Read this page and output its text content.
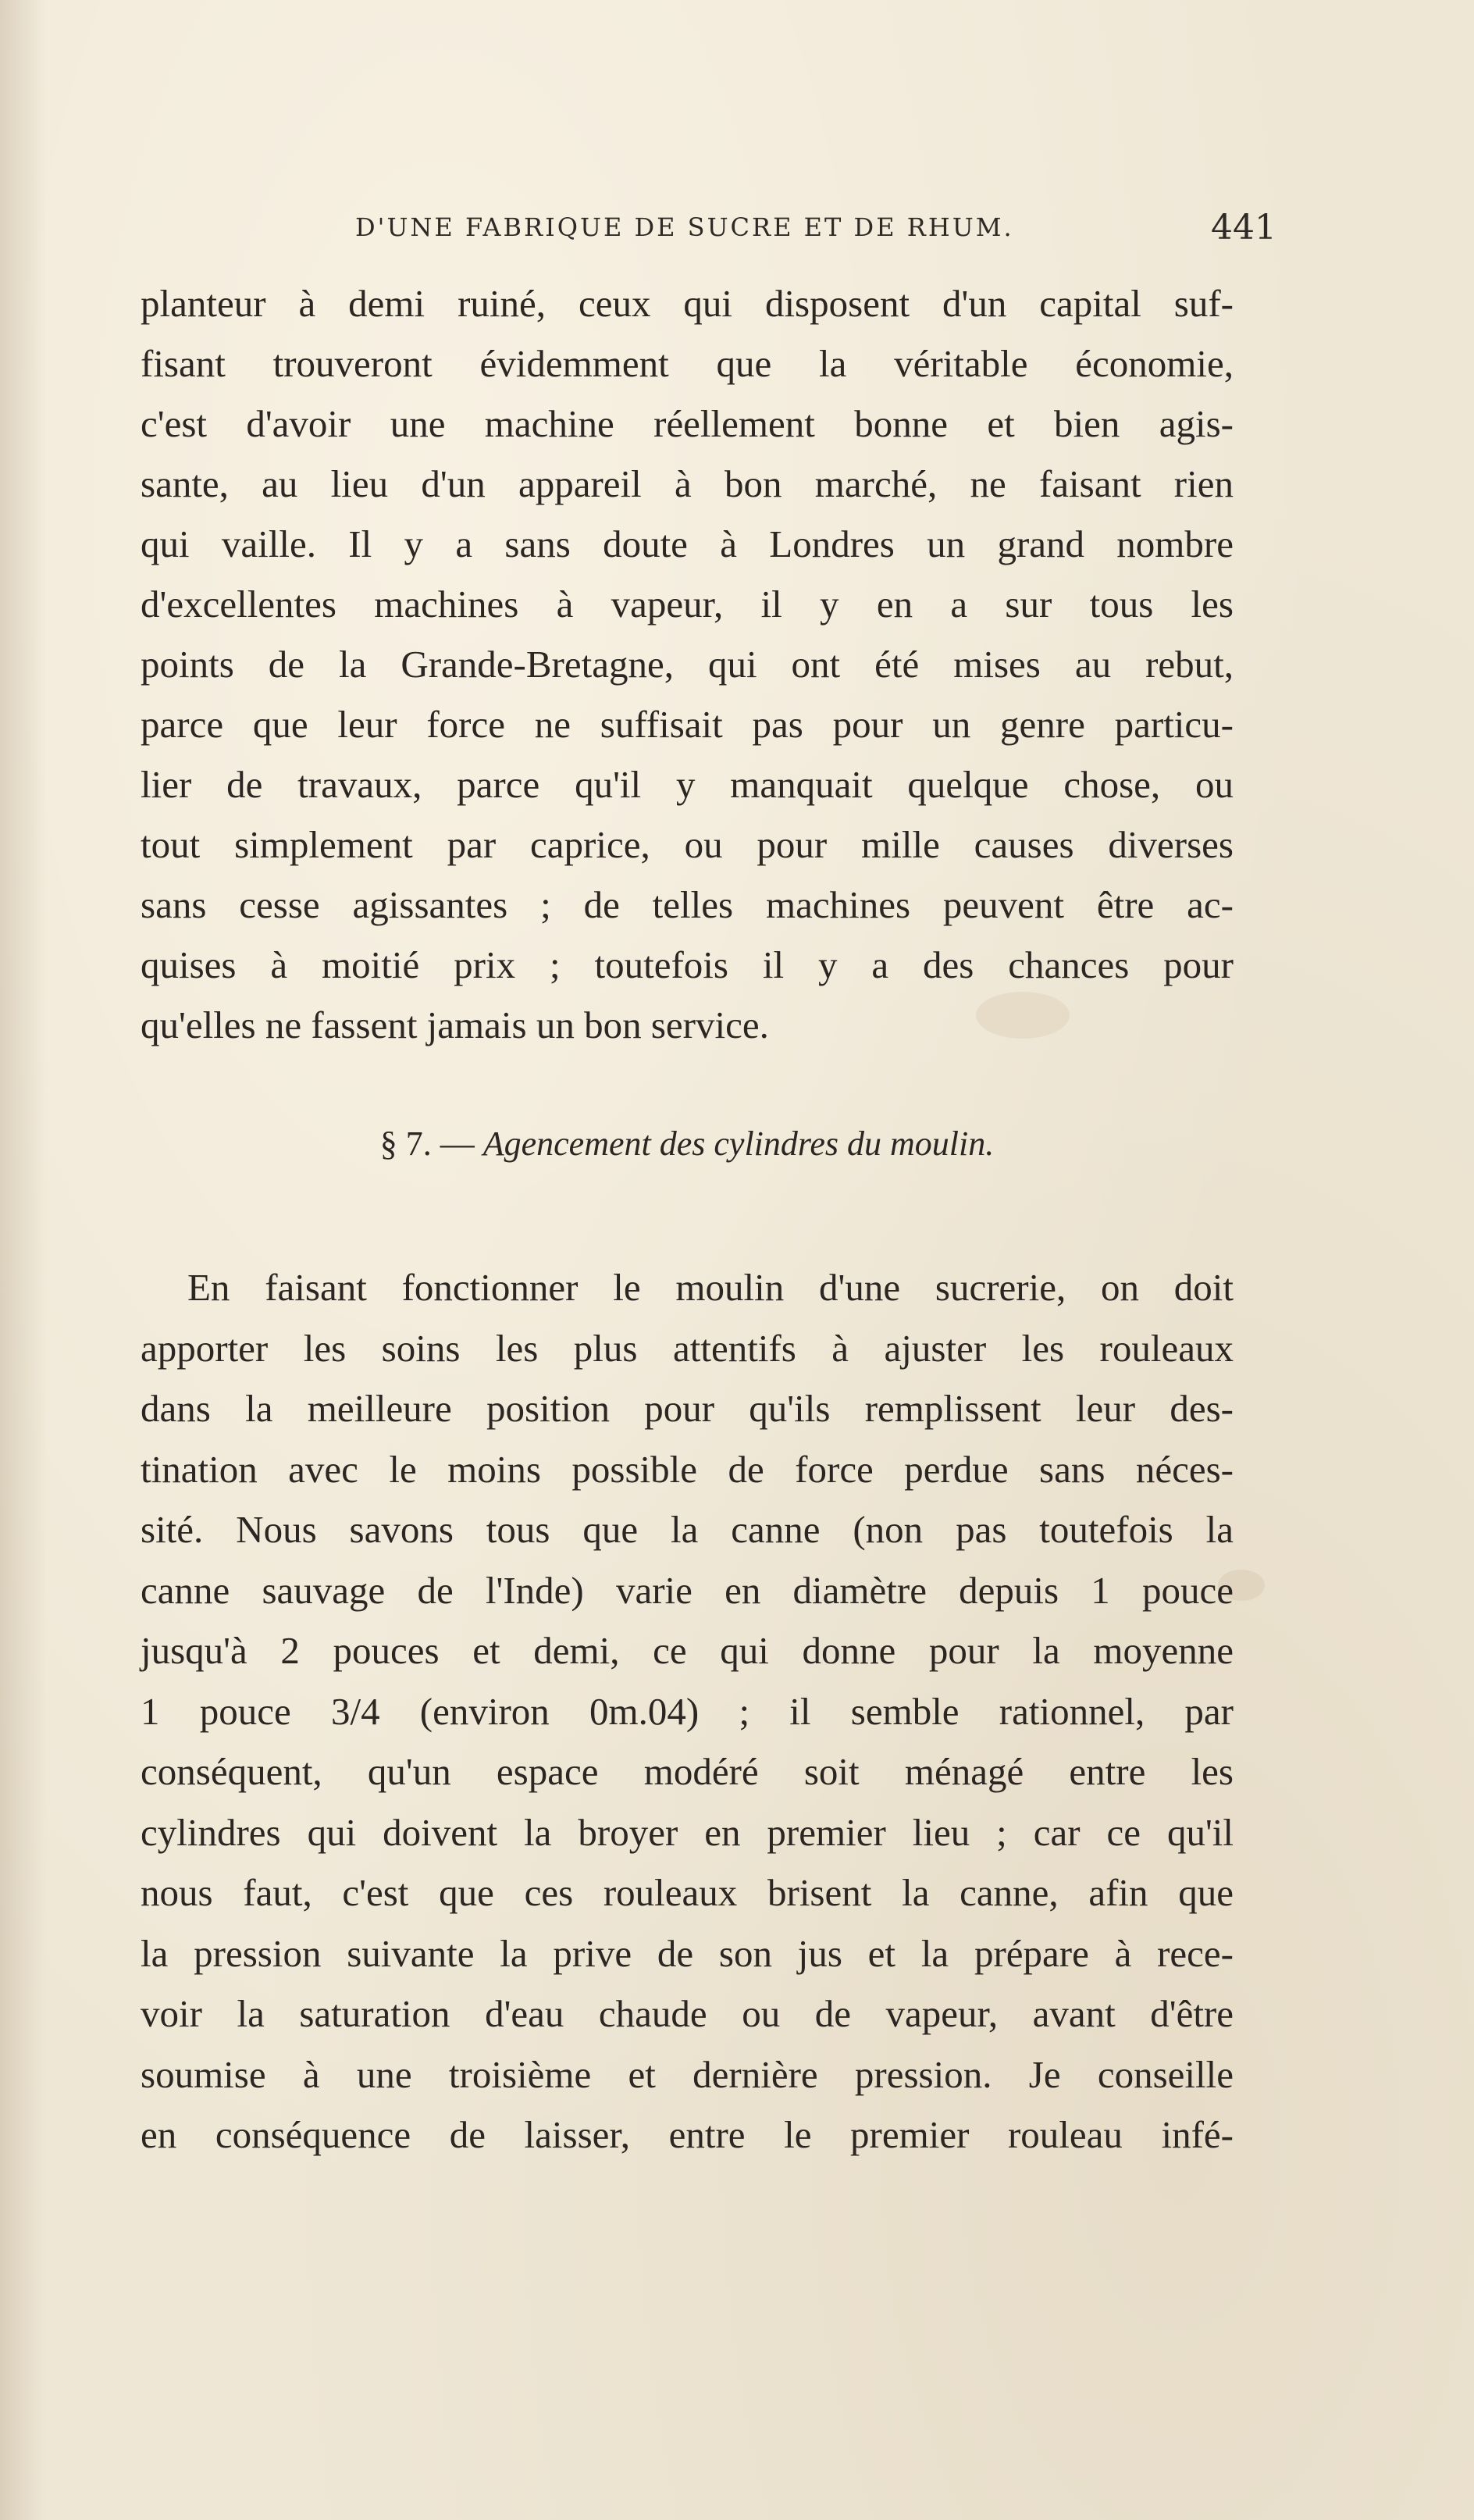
D'UNE FABRIQUE DE SUCRE ET DE RHUM.	441
planteur à demi ruiné, ceux qui disposent d'un capital suf-
fisant trouveront évidemment que la véritable économie,
c'est d'avoir une machine réellement bonne et bien agis-
sante, au lieu d'un appareil à bon marché, ne faisant rien
qui vaille. Il y a sans doute à Londres un grand nombre
d'excellentes machines à vapeur, il y en a sur tous les
points de la Grande-Bretagne, qui ont été mises au rebut,
parce que leur force ne suffisait pas pour un genre particu-
lier de travaux, parce qu'il y manquait quelque chose, ou
tout simplement par caprice, ou pour mille causes diverses
sans cesse agissantes ; de telles machines peuvent être ac-
quises à moitié prix ; toutefois il y a des chances pour
qu'elles ne fassent jamais un bon service.
§ 7. — Agencement des cylindres du moulin.
En faisant fonctionner le moulin d'une sucrerie, on doit
apporter les soins les plus attentifs à ajuster les rouleaux
dans la meilleure position pour qu'ils remplissent leur des-
tination avec le moins possible de force perdue sans néces-
sité. Nous savons tous que la canne (non pas toutefois la
canne sauvage de l'Inde) varie en diamètre depuis 1 pouce
jusqu'à 2 pouces et demi, ce qui donne pour la moyenne
1 pouce 3/4 (environ 0m.04) ; il semble rationnel, par
conséquent, qu'un espace modéré soit ménagé entre les
cylindres qui doivent la broyer en premier lieu ; car ce qu'il
nous faut, c'est que ces rouleaux brisent la canne, afin que
la pression suivante la prive de son jus et la prépare à rece-
voir la saturation d'eau chaude ou de vapeur, avant d'être
soumise à une troisième et dernière pression. Je conseille
en conséquence de laisser, entre le premier rouleau infé-
